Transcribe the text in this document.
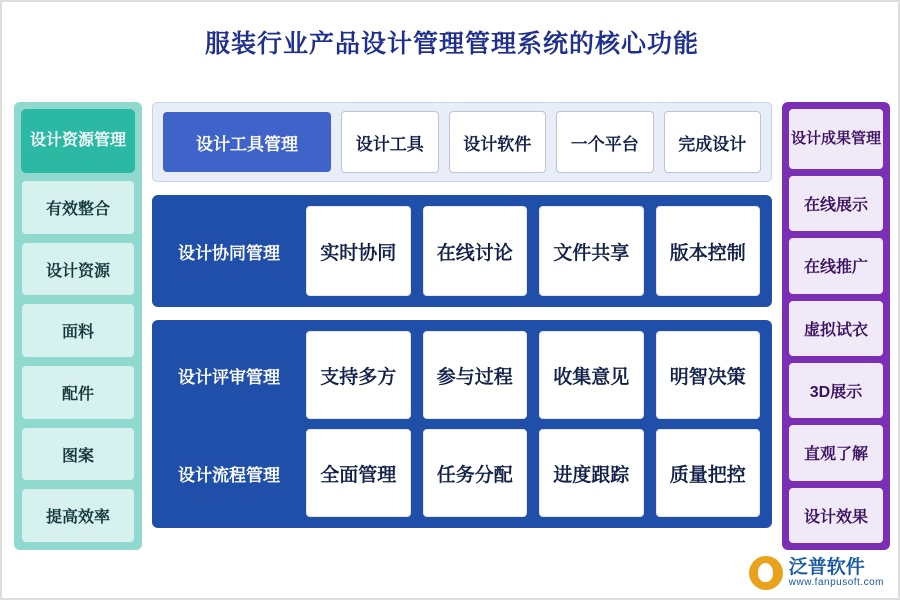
服装行业产品设计管理管理系统的核心功能
设计资源管理
有效整合
设计资源
面料
配件
图案
提高效率
设计工具管理	设计工具	设计软件	一个平台	完成设计
设计协同管理	实时协同	在线讨论	文件共享	版本控制
设计评审管理	支持多方	参与过程	收集意见	明智决策
设计流程管理	全面管理	任务分配	进度跟踪	质量把控
设计成果管理
在线展示
在线推广
虚拟试衣
3D展示
直观了解
设计效果
泛普软件
www.fanpusoft.com
